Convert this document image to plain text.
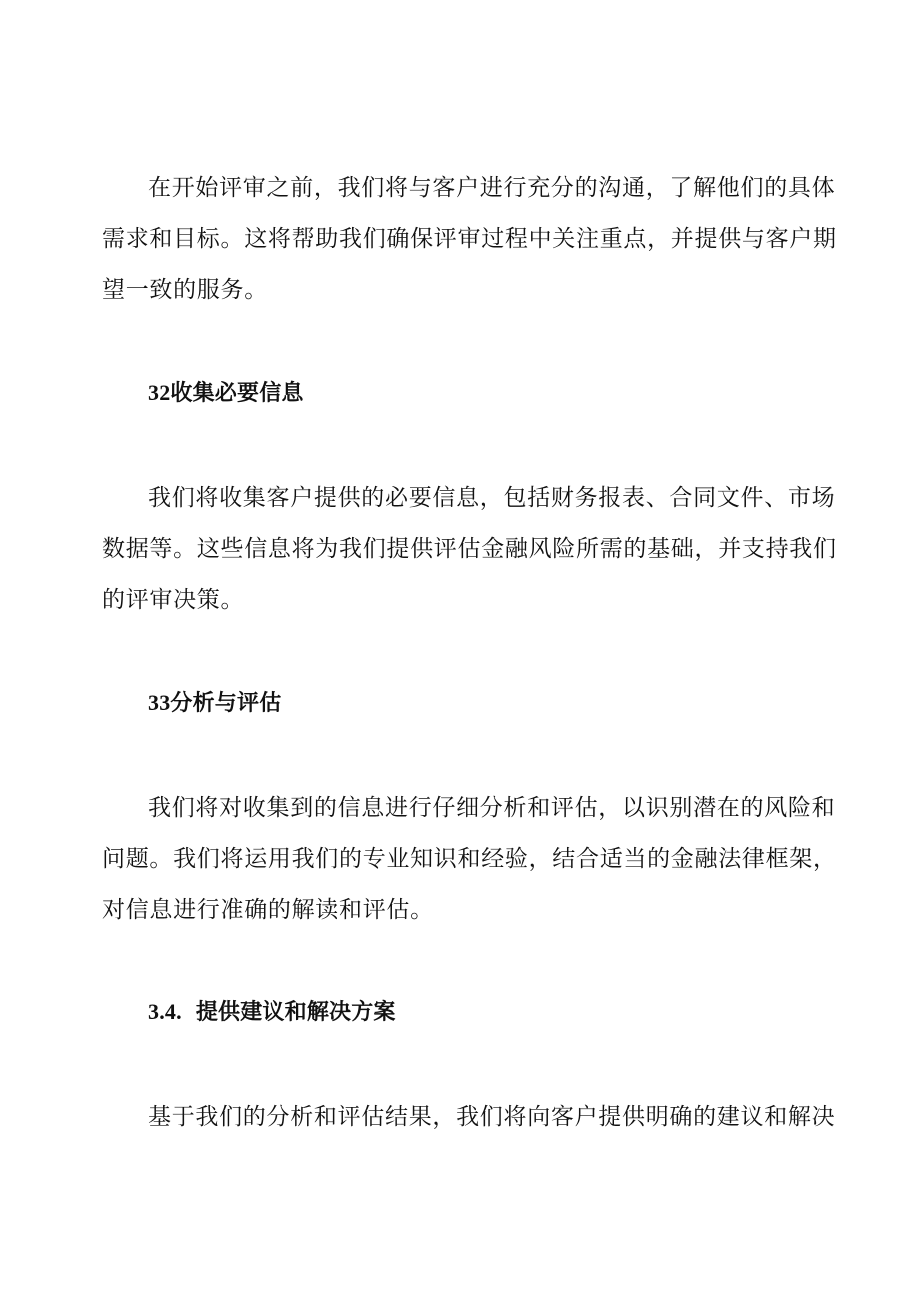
在开始评审之前，我们将与客户进行充分的沟通，了解他们的具体
需求和目标。这将帮助我们确保评审过程中关注重点，并提供与客户期
望一致的服务。
32收集必要信息
我们将收集客户提供的必要信息，包括财务报表、合同文件、市场
数据等。这些信息将为我们提供评估金融风险所需的基础，并支持我们
的评审决策。
33分析与评估
我们将对收集到的信息进行仔细分析和评估，以识别潜在的风险和
问题。我们将运用我们的专业知识和经验，结合适当的金融法律框架，
对信息进行准确的解读和评估。
3.4. 提供建议和解决方案
基于我们的分析和评估结果，我们将向客户提供明确的建议和解决
